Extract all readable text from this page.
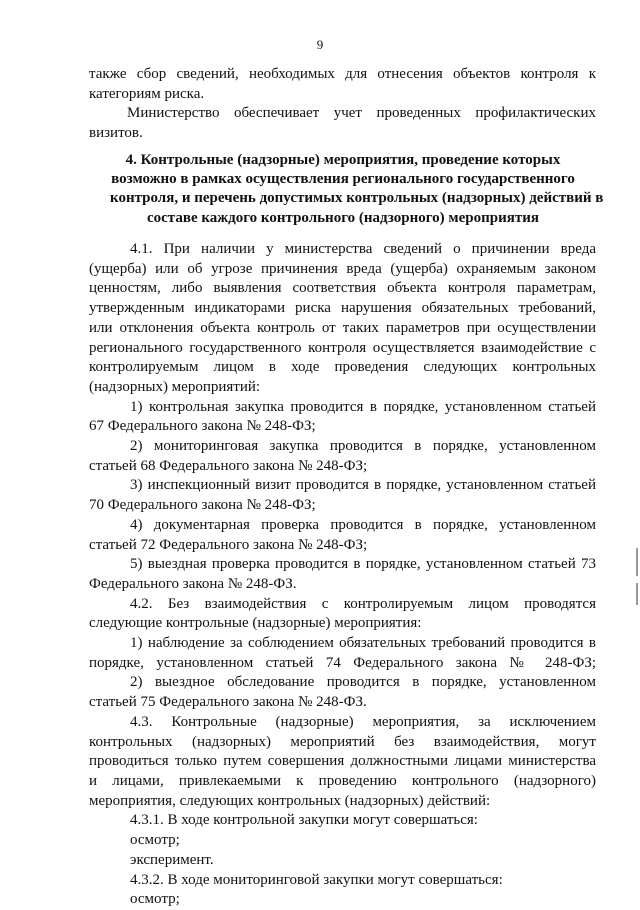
9
также сбор сведений, необходимых для отнесения объектов контроля к
категориям риска.
Министерство обеспечивает учет проведенных профилактических
визитов.
4. Контрольные (надзорные) мероприятия, проведение которых
возможно в рамках осуществления регионального государственного
контроля, и перечень допустимых контрольных (надзорных) действий в
составе каждого контрольного (надзорного) мероприятия
4.1. При наличии у министерства сведений о причинении вреда
(ущерба) или об угрозе причинения вреда (ущерба) охраняемым законом
ценностям, либо выявления соответствия объекта контроля параметрам,
утвержденным индикаторами риска нарушения обязательных требований,
или отклонения объекта контроль от таких параметров при осуществлении
регионального государственного контроля осуществляется взаимодействие с
контролируемым лицом в ходе проведения следующих контрольных
(надзорных) мероприятий:
1) контрольная закупка проводится в порядке, установленном статьей
67 Федерального закона № 248-ФЗ;
2) мониторинговая закупка проводится в порядке, установленном
статьей 68 Федерального закона № 248-ФЗ;
3) инспекционный визит проводится в порядке, установленном статьей
70 Федерального закона № 248-ФЗ;
4) документарная проверка проводится в порядке, установленном
статьей 72 Федерального закона № 248-ФЗ;
5) выездная проверка проводится в порядке, установленном статьей 73
Федерального закона № 248-ФЗ.
4.2. Без взаимодействия с контролируемым лицом проводятся
следующие контрольные (надзорные) мероприятия:
1) наблюдение за соблюдением обязательных требований проводится в
порядке, установленном статьей 74 Федерального закона № 248-ФЗ;
2) выездное обследование проводится в порядке, установленном
статьей 75 Федерального закона № 248-ФЗ.
4.3. Контрольные (надзорные) мероприятия, за исключением
контрольных (надзорных) мероприятий без взаимодействия, могут
проводиться только путем совершения должностными лицами министерства
и лицами, привлекаемыми к проведению контрольного (надзорного)
мероприятия, следующих контрольных (надзорных) действий:
4.3.1. В ходе контрольной закупки могут совершаться:
осмотр;
эксперимент.
4.3.2. В ходе мониторинговой закупки могут совершаться:
осмотр;
